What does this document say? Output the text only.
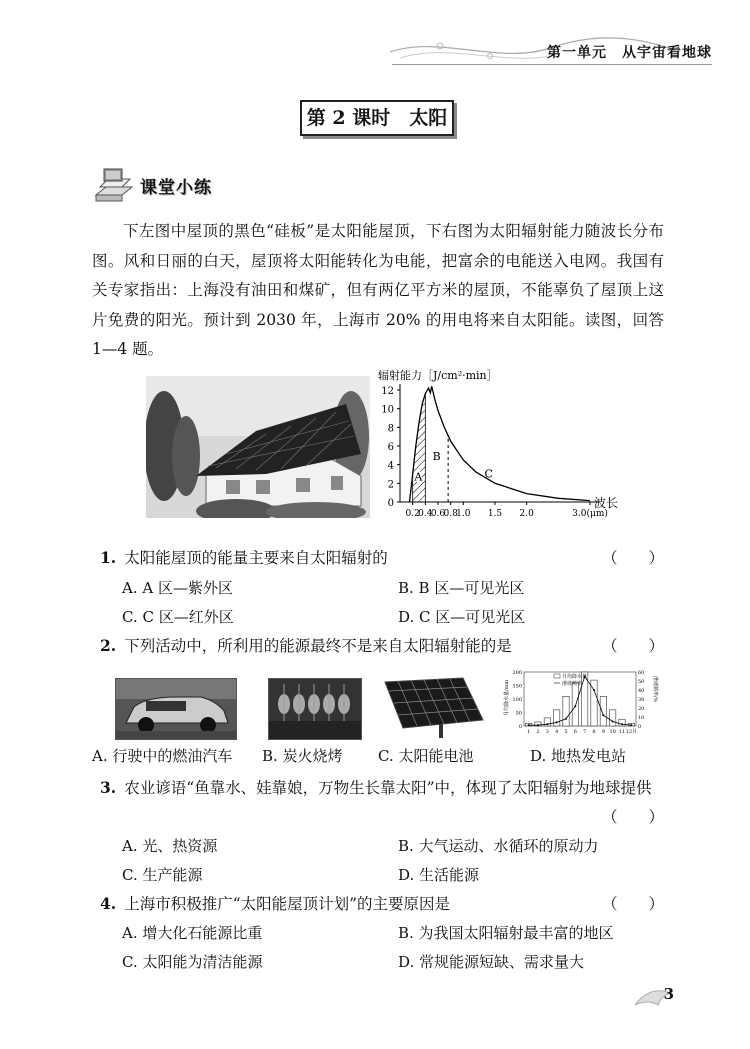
第一单元　从宇宙看地球
第 2 课时　太阳
课堂小练

下左图中屋顶的黑色“硅板”是太阳能屋顶，下右图为太阳辐射能力随波长分布图。风和日丽的白天，屋顶将太阳能转化为电能，把富余的电能送入电网。我国有关专家指出：上海没有油田和煤矿，但有两亿平方米的屋顶，不能辜负了屋顶上这片免费的阳光。预计到 2030 年，上海市 20% 的用电将来自太阳能。读图，回答 1—4 题。

辐射能力［J/cm²·min］
0
2
4
6
8
10
12
0.2
0.4
0.6
0.8
1.0 1.5 2.0	3.0(μm)
A
B
C
波长
1. 太阳能屋顶的能量主要来自太阳辐射的	（　　）
A. A 区—紫外区	B. B 区—可见光区
C. C 区—红外区	D. C 区—可见光区
2. 下列活动中，所利用的能源最终不是来自太阳辐射能的是	（　　）
0
50
100
150
200
0
10
20
30
40
50
60
1 2 3 4 5 6 7 8 9 10 11 12月
月均降水量
滑坡频率
月均降水量/mm	滑坡频率/%
A. 行驶中的燃油汽车 B. 炭火烧烤 C. 太阳能电池	D. 地热发电站
3. 农业谚语“鱼靠水、娃靠娘，万物生长靠太阳”中，体现了太阳辐射为地球提供
（　　）
A. 光、热资源	B. 大气运动、水循环的原动力
C. 生产能源	D. 生活能源
4. 上海市积极推广“太阳能屋顶计划”的主要原因是	（　　）
A. 增大化石能源比重	B. 为我国太阳辐射最丰富的地区
C. 太阳能为清洁能源	D. 常规能源短缺、需求量大
3
